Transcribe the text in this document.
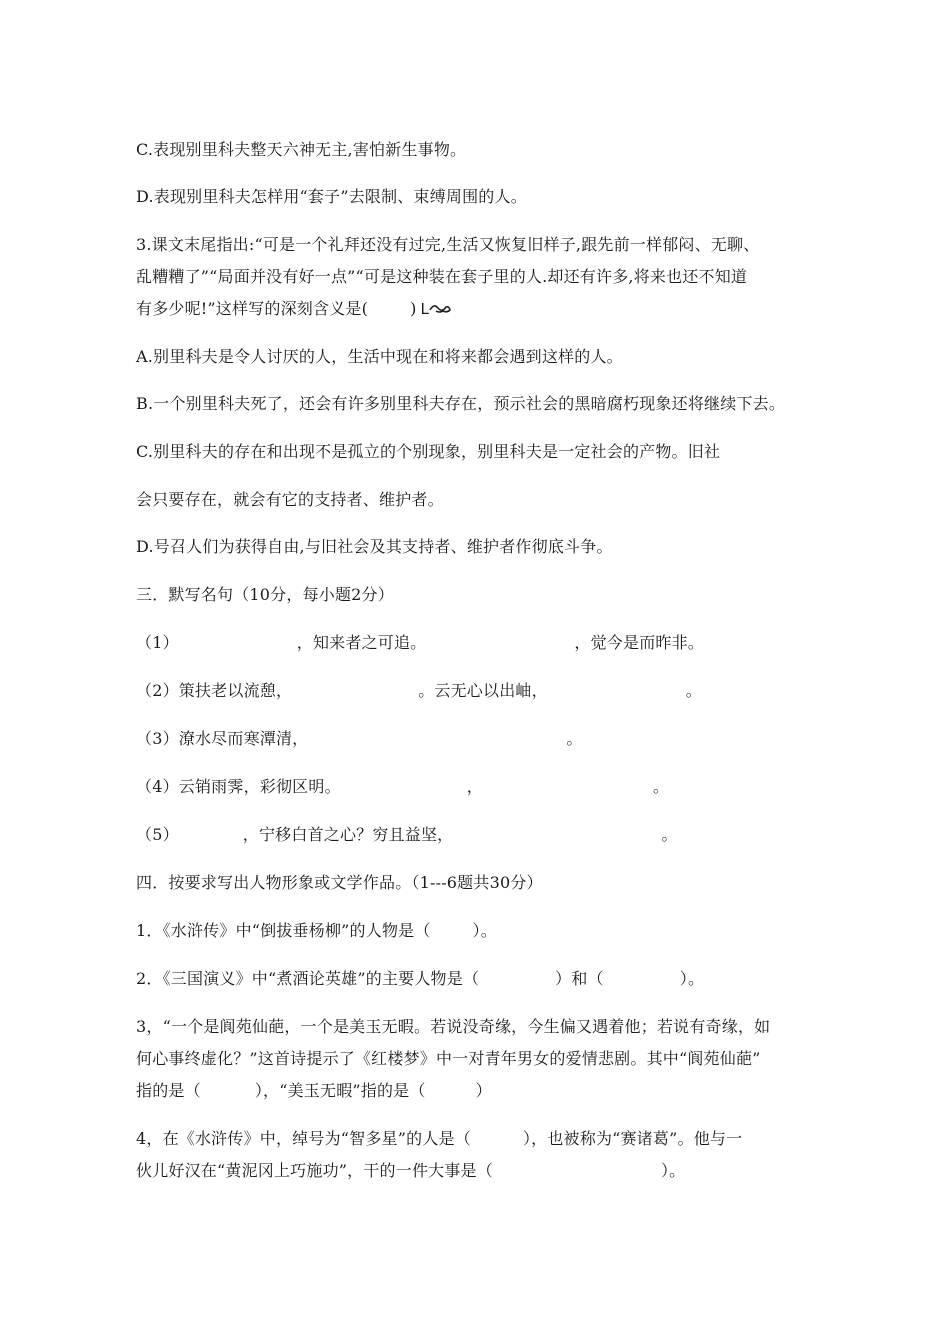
C.表现别里科夫整天六神无主,害怕新生事物。
D.表现别里科夫怎样用“套子”去限制、束缚周围的人。
3.课文末尾指出:“可是一个礼拜还没有过完,生活又恢复旧样子,跟先前一样郁闷、无聊、
乱糟糟了”“局面并没有好一点”“可是这种装在套子里的人.却还有许多,将来也还不知道
有多少呢!”这样写的深刻含义是(	) L
A.别里科夫是令人讨厌的人，生活中现在和将来都会遇到这样的人。
B.一个别里科夫死了，还会有许多别里科夫存在，预示社会的黑暗腐朽现象还将继续下去。
C.别里科夫的存在和出现不是孤立的个别现象，别里科夫是一定社会的产物。旧社
会只要存在，就会有它的支持者、维护者。
D.号召人们为获得自由,与旧社会及其支持者、维护者作彻底斗争。
三．默写名句（10分，每小题2分）
（1）	，知来者之可追。	，觉今是而昨非。
（2）策扶老以流憩，	。云无心以出岫，	。
（3）潦水尽而寒潭清，	。
（4）云销雨霁，彩彻区明。	，	。
（5）	，宁移白首之心？穷且益坚，	。
四．按要求写出人物形象或文学作品。（1---6题共30分）
1．《水浒传》中“倒拔垂杨柳”的人物是（	）。
2．《三国演义》中“煮酒论英雄”的主要人物是（	）和（	）。
3，“一个是阆苑仙葩，一个是美玉无暇。若说没奇缘，今生偏又遇着他；若说有奇缘，如
何心事终虚化？”这首诗提示了《红楼梦》中一对青年男女的爱情悲剧。其中“阆苑仙葩”
指的是（	），“美玉无暇”指的是（	）
4，在《水浒传》中，绰号为“智多星”的人是（	），也被称为“赛诸葛”。他与一
伙儿好汉在“黄泥冈上巧施功”，干的一件大事是（	）。
